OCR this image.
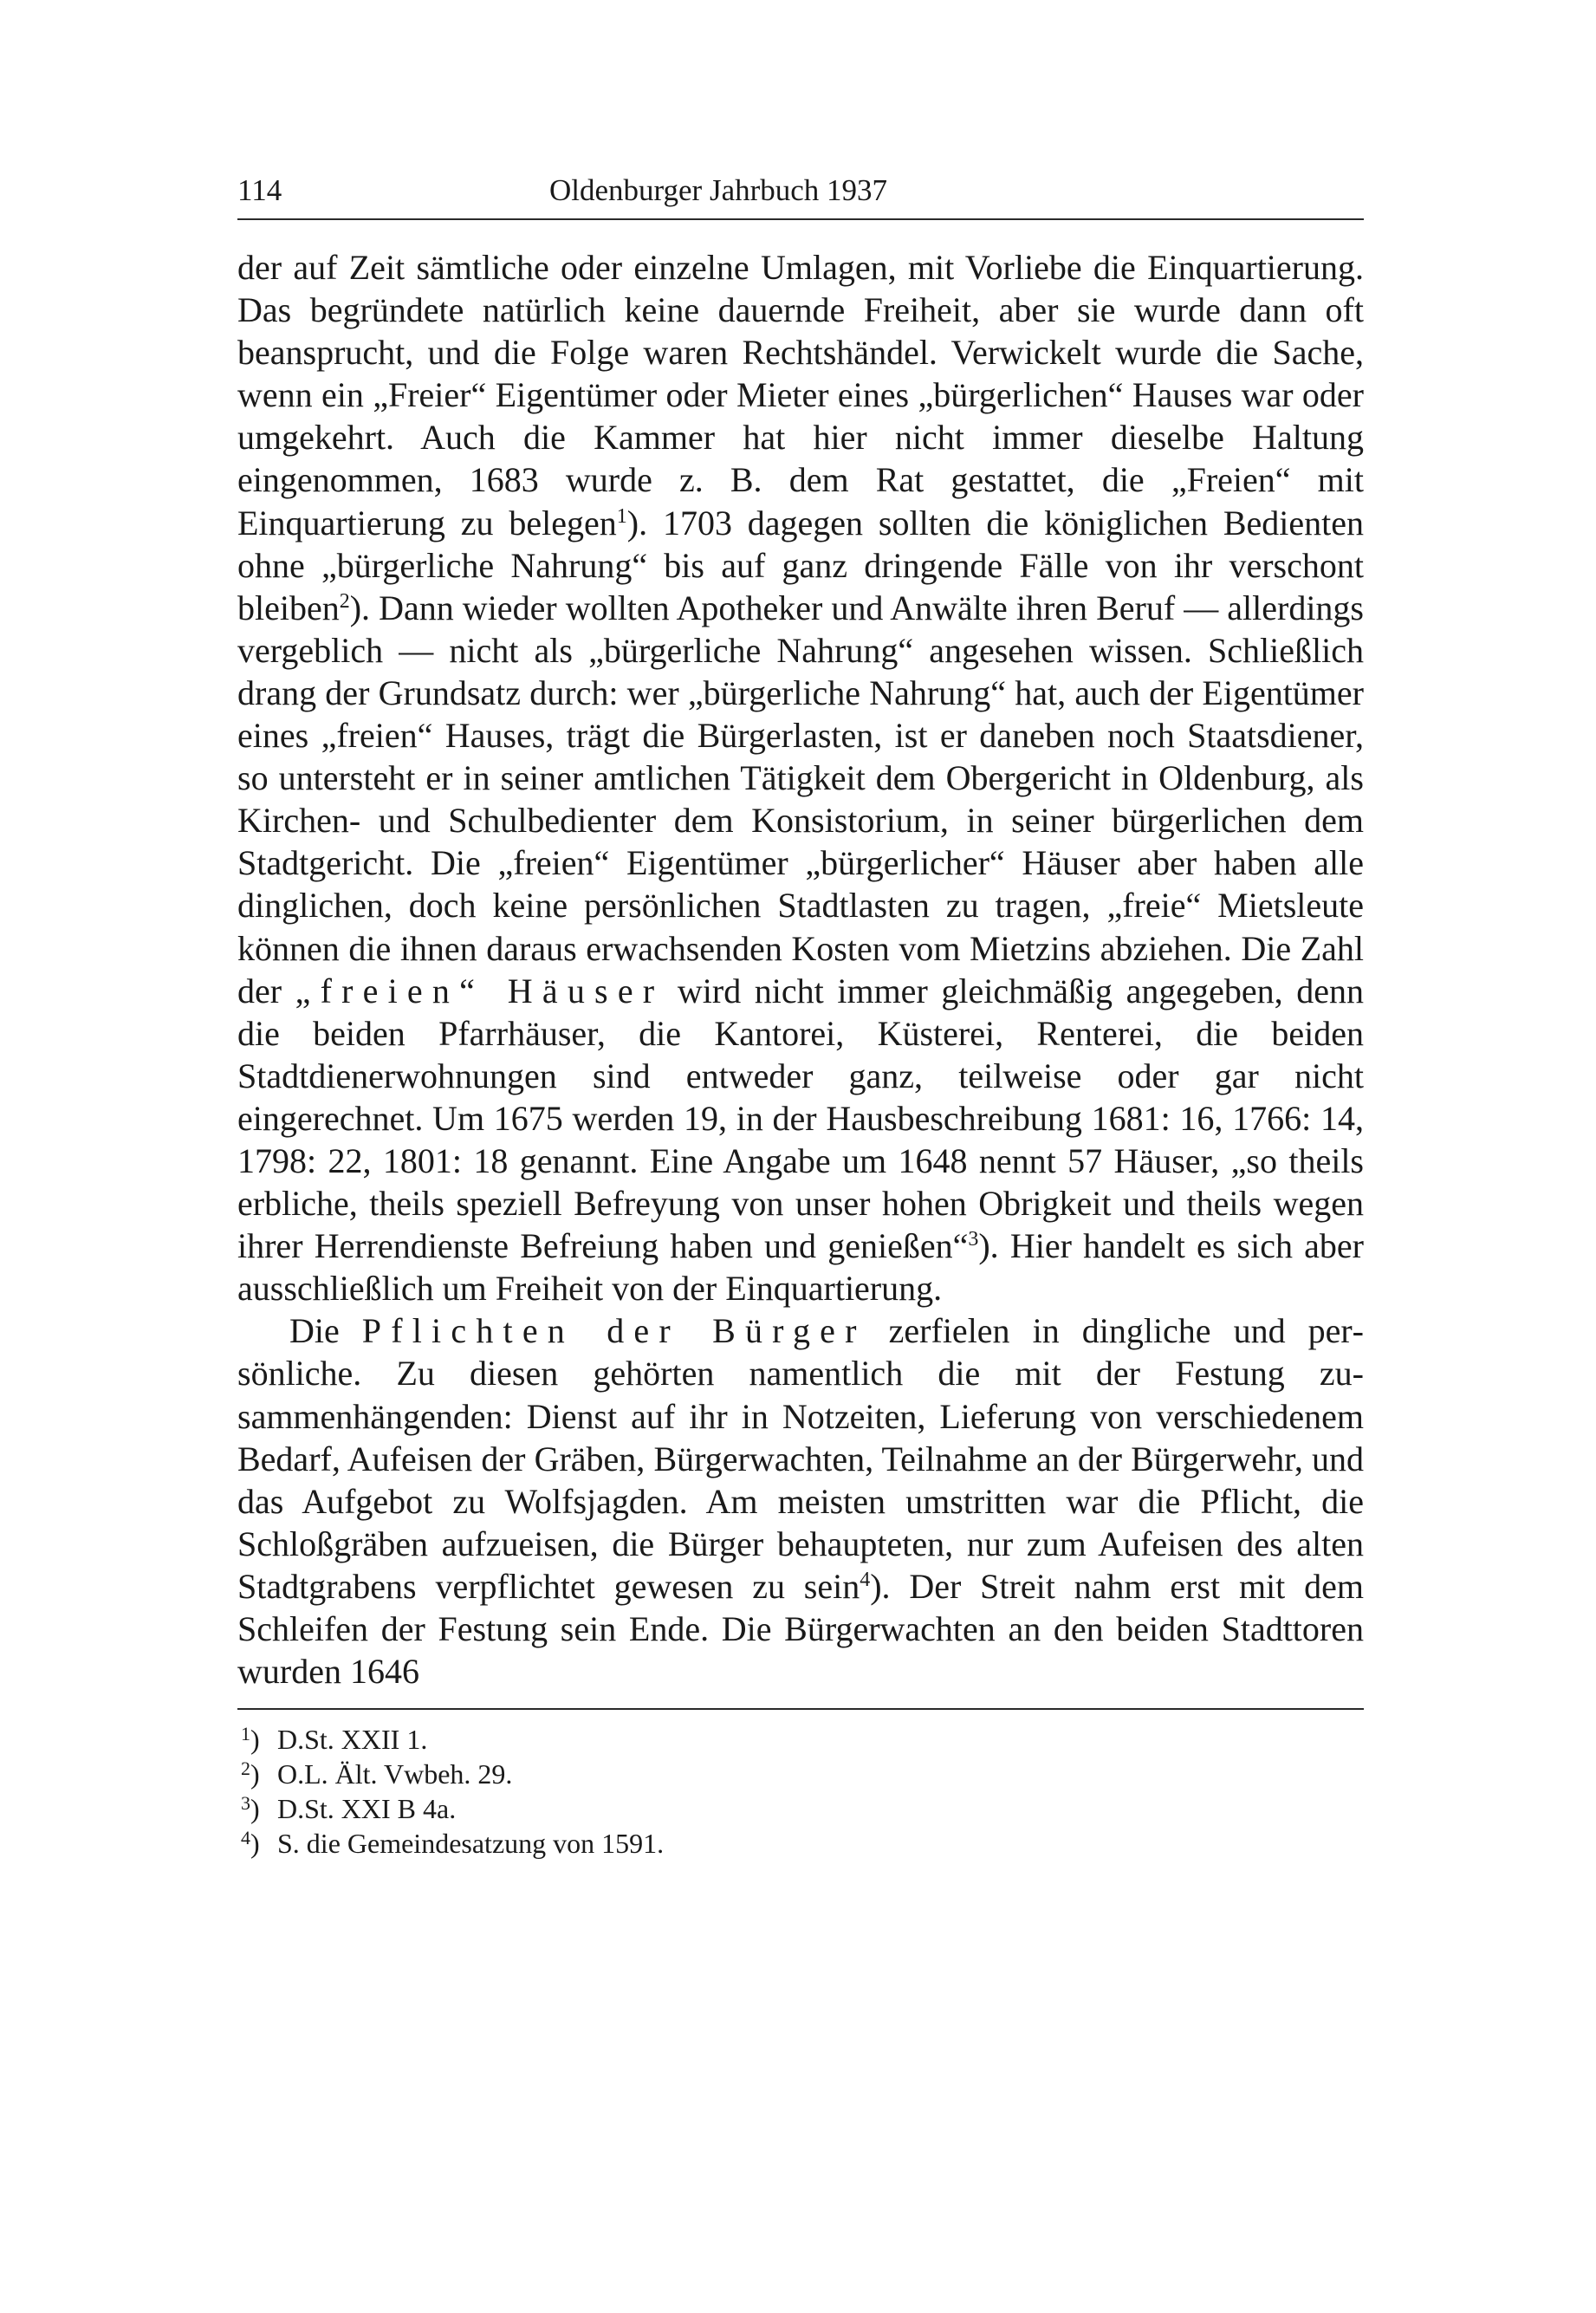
114	Oldenburger Jahrbuch 1937

der auf Zeit sämtliche oder einzelne Umlagen, mit Vorliebe die Einquartierung. Das begründete natürlich keine dauernde Freiheit, aber sie wurde dann oft beansprucht, und die Folge waren Rechtshändel. Verwickelt wurde die Sache, wenn ein „Freier“ Eigentümer oder Mieter eines „bürgerlichen“ Hauses war oder umgekehrt. Auch die Kammer hat hier nicht immer dieselbe Haltung eingenommen, 1683 wurde z. B. dem Rat gestattet, die „Freien“ mit Einquartierung zu belegen$^1$). 1703 dagegen sollten die königlichen Bedienten ohne „bürgerliche Nahrung“ bis auf ganz dringende Fälle von ihr verschont bleiben$^2$). Dann wieder wollten Apotheker und Anwälte ihren Beruf — allerdings vergeblich — nicht als „bürgerliche Nahrung“ angesehen wissen. Schließlich drang der Grundsatz durch: wer „bürgerliche Nahrung“ hat, auch der Eigentümer eines „freien“ Hauses, trägt die Bürgerlasten, ist er daneben noch Staatsdiener, so untersteht er in seiner amtlichen Tätigkeit dem Obergericht in Oldenburg, als Kirchen- und Schulbedienter dem Konsistorium, in seiner bürgerlichen dem Stadtgericht. Die „freien“ Eigentümer „bürgerlicher“ Häuser aber haben alle dinglichen, doch keine persönlichen Stadtlasten zu tragen, „freie“ Mietsleute können die ihnen daraus erwachsenden Kosten vom Mietzins abziehen. Die Zahl der „freien“ Häuser wird nicht immer gleichmäßig angegeben, denn die beiden Pfarrhäuser, die Kantorei, Küsterei, Renterei, die beiden Stadtdienerwohnungen sind entweder ganz, teilweise oder gar nicht eingerechnet. Um 1675 werden 19, in der Hausbeschreibung 1681: 16, 1766: 14, 1798: 22, 1801: 18 genannt. Eine Angabe um 1648 nennt 57 Häuser, „so theils erbliche, theils speziell Befreyung von unser hohen Obrigkeit und theils wegen ihrer Herrendienste Befreiung haben und genießen“$^3$). Hier handelt es sich aber ausschließlich um Freiheit von der Einquartierung.

Die Pflichten der Bürger zerfielen in dingliche und persönliche. Zu diesen gehörten namentlich die mit der Festung zusammenhängenden: Dienst auf ihr in Notzeiten, Lieferung von verschiedenem Bedarf, Aufeisen der Gräben, Bürgerwachten, Teilnahme an der Bürgerwehr, und das Aufgebot zu Wolfsjagden. Am meisten umstritten war die Pflicht, die Schloßgräben aufzueisen, die Bürger behaupteten, nur zum Aufeisen des alten Stadtgrabens verpflichtet gewesen zu sein$^4$). Der Streit nahm erst mit dem Schleifen der Festung sein Ende. Die Bürgerwachten an den beiden Stadttoren wurden 1646

$^1$) D.St. XXII 1.
$^2$) O.L. Ält. Vwbeh. 29.
$^3$) D.St. XXI B 4a.
$^4$) S. die Gemeindesatzung von 1591.
